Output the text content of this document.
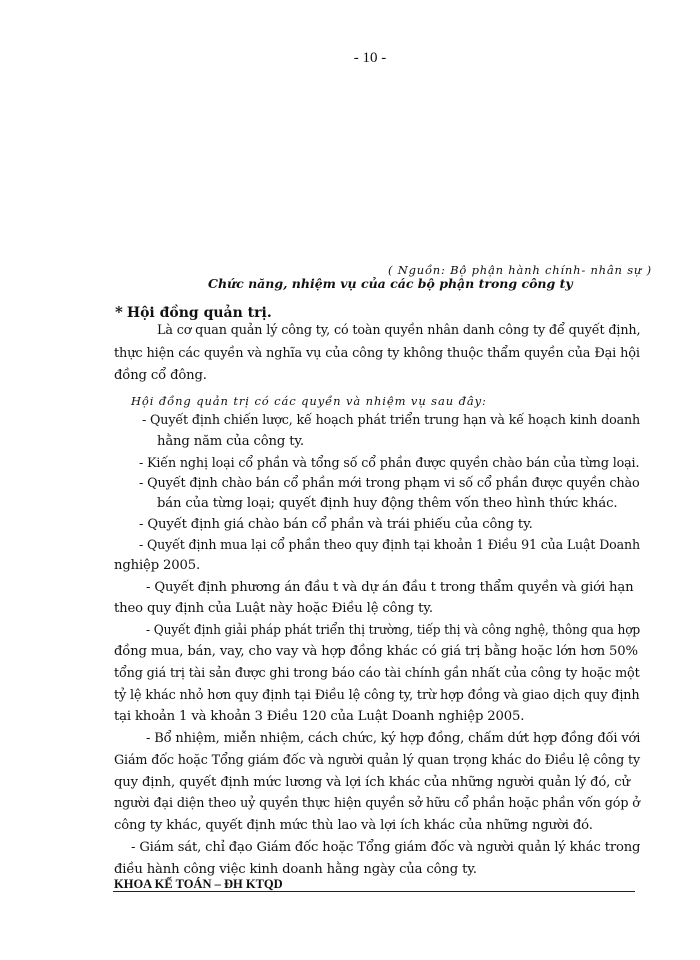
- 10 -
( Nguồn: Bộ phận hành chính- nhân sự )
Chức năng, nhiệm vụ của các bộ phận trong công ty
* Hội đồng quản trị.
Là cơ quan quản lý công ty, có toàn quyền nhân danh công ty để quyết định,
thực hiện các quyền và nghĩa vụ của công ty không thuộc thẩm quyền của Đại hội
đồng cổ đông.
Hội đồng quản trị có các quyền và nhiệm vụ sau đây:
- Quyết định chiến lược, kế hoạch phát triển trung hạn và kế hoạch kinh doanh
hằng năm của công ty.
- Kiến nghị loại cổ phần và tổng số cổ phần được quyền chào bán của từng loại.
- Quyết định chào bán cổ phần mới trong phạm vi số cổ phần được quyền chào
bán của từng loại; quyết định huy động thêm vốn theo hình thức khác.
- Quyết định giá chào bán cổ phần và trái phiếu của công ty.
- Quyết định mua lại cổ phần theo quy định tại khoản 1 Điều 91 của Luật Doanh
nghiệp 2005.
- Quyết định phương án đầu t và dự án đầu t trong thẩm quyền và giới hạn
theo quy định của Luật này hoặc Điều lệ công ty.
- Quyết định giải pháp phát triển thị trường, tiếp thị và công nghệ, thông qua hợp
đồng mua, bán, vay, cho vay và hợp đồng khác có giá trị bằng hoặc lớn hơn 50%
tổng giá trị tài sản được ghi trong báo cáo tài chính gần nhất của công ty hoặc một
tỷ lệ khác nhỏ hơn quy định tại Điều lệ công ty, trừ hợp đồng và giao dịch quy định
tại khoản 1 và khoản 3 Điều 120 của Luật Doanh nghiệp 2005.
- Bổ nhiệm, miễn nhiệm, cách chức, ký hợp đồng, chấm dứt hợp đồng đối với
Giám đốc hoặc Tổng giám đốc và người quản lý quan trọng khác do Điều lệ công ty
quy định, quyết định mức lương và lợi ích khác của những người quản lý đó, cử
người đại diện theo uỷ quyền thực hiện quyền sở hữu cổ phần hoặc phần vốn góp ở
công ty khác, quyết định mức thù lao và lợi ích khác của những người đó.
- Giám sát, chỉ đạo Giám đốc hoặc Tổng giám đốc và người quản lý khác trong
điều hành công việc kinh doanh hằng ngày của công ty.
KHOA KẾ TOÁN – ĐH KTQD
